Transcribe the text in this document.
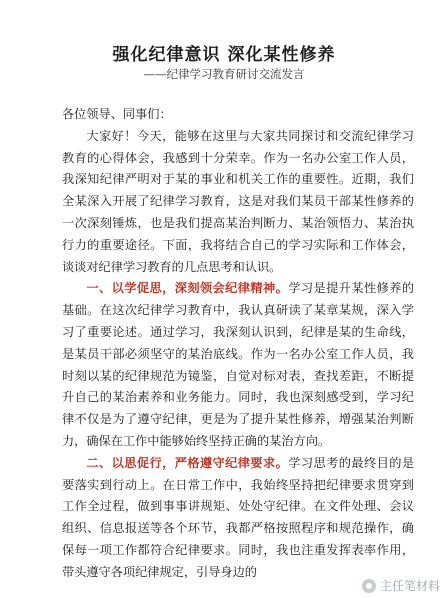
强化纪律意识 深化某性修养
——纪律学习教育研讨交流发言

各位领导、同事们：

大家好！今天，能够在这里与大家共同探讨和交流纪律学习教育的心得体会，我感到十分荣幸。作为一名办公室工作人员，我深知纪律严明对于某的事业和机关工作的重要性。近期，我们全某深入开展了纪律学习教育，这是对我们某员干部某性修养的一次深刻锤炼，也是我们提高某治判断力、某治领悟力、某治执行力的重要途径。下面，我将结合自己的学习实际和工作体会，谈谈对纪律学习教育的几点思考和认识。

一、以学促思，深刻领会纪律精神。学习是提升某性修养的基础。在这次纪律学习教育中，我认真研读了某章某规，深入学习了重要论述。通过学习，我深刻认识到，纪律是某的生命线，是某员干部必须坚守的某治底线。作为一名办公室工作人员，我时刻以某的纪律规范为镜鉴，自觉对标对表，查找差距，不断提升自己的某治素养和业务能力。同时，我也深刻感受到，学习纪律不仅是为了遵守纪律，更是为了提升某性修养，增强某治判断力，确保在工作中能够始终坚持正确的某治方向。

二、以思促行，严格遵守纪律要求。学习思考的最终目的是要落实到行动上。在日常工作中，我始终坚持把纪律要求贯穿到工作全过程，做到事事讲规矩、处处守纪律。在文件处理、会议组织、信息报送等各个环节，我都严格按照程序和规范操作，确保每一项工作都符合纪律要求。同时，我也注重发挥表率作用，带头遵守各项纪律规定，引导身边的

主任笔材料
